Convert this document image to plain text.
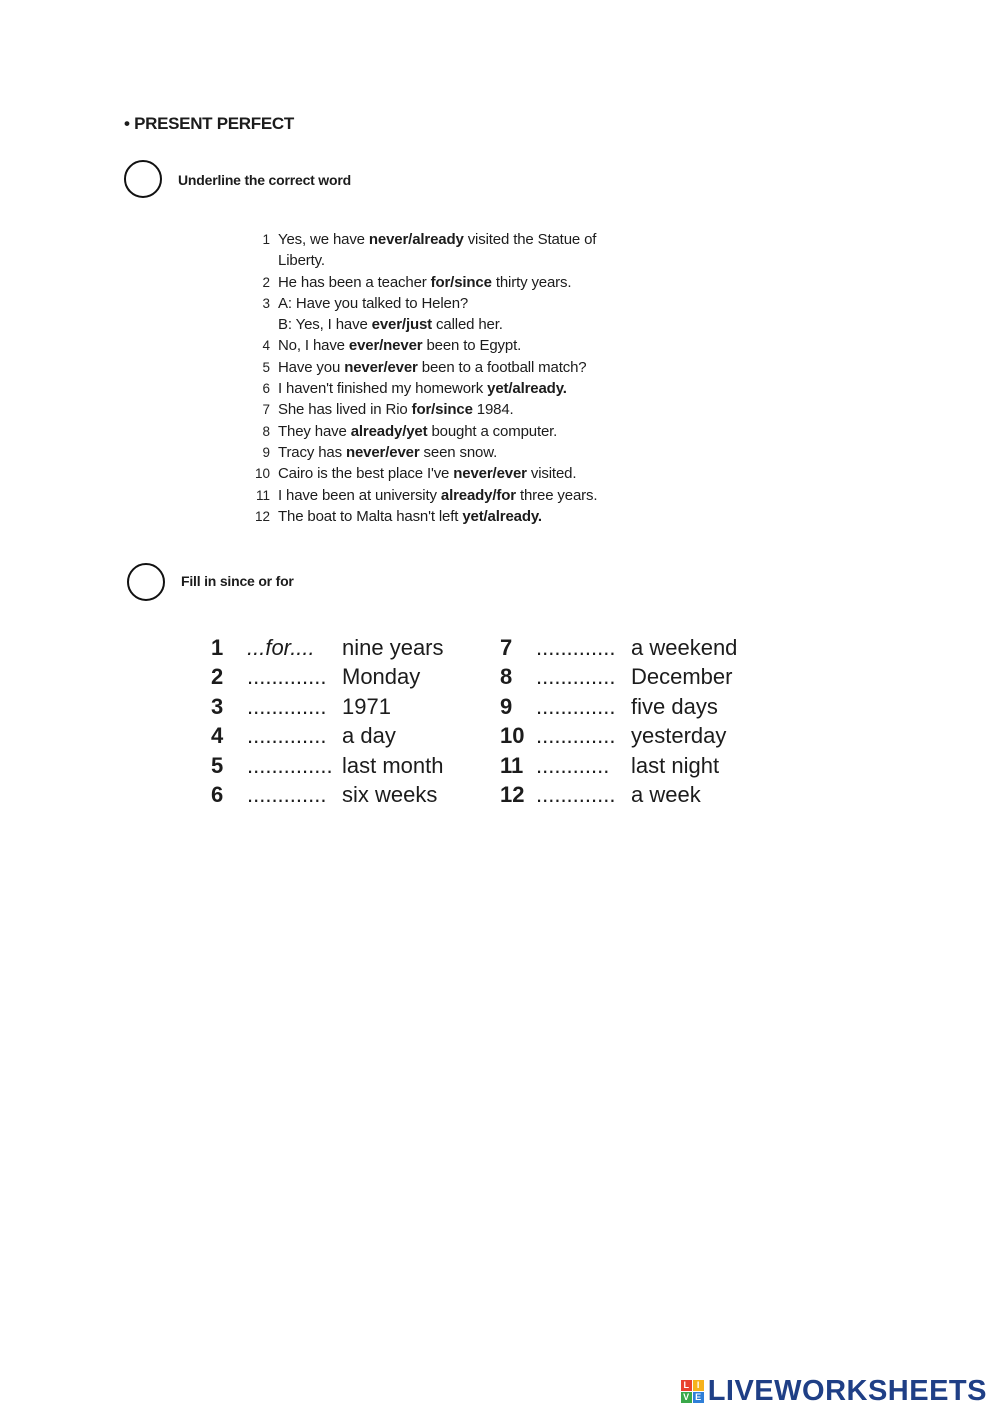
• PRESENT PERFECT
Underline the correct word
1 Yes, we have never/already visited the Statue of
Liberty.
2 He has been a teacher for/since thirty years.
3 A: Have you talked to Helen?
B: Yes, I have ever/just called her.
4 No, I have ever/never been to Egypt.
5 Have you never/ever been to a football match?
6 I haven't finished my homework yet/already.
7 She has lived in Rio for/since 1984.
8 They have already/yet bought a computer.
9 Tracy has never/ever seen snow.
10 Cairo is the best place I've never/ever visited.
11 I have been at university already/for three years.
12 The boat to Malta hasn't left yet/already.
Fill in since or for
1	...for....	nine years
2	............. Monday
3	............. 1971
4	............. a day
5	.............. last month
6	............. six weeks
7	............. a weekend
8	............. December
9	............. five days
10 ............. yesterday
11 ............ last night
12 ............. a week
L I
V E LIVEWORKSHEETS
